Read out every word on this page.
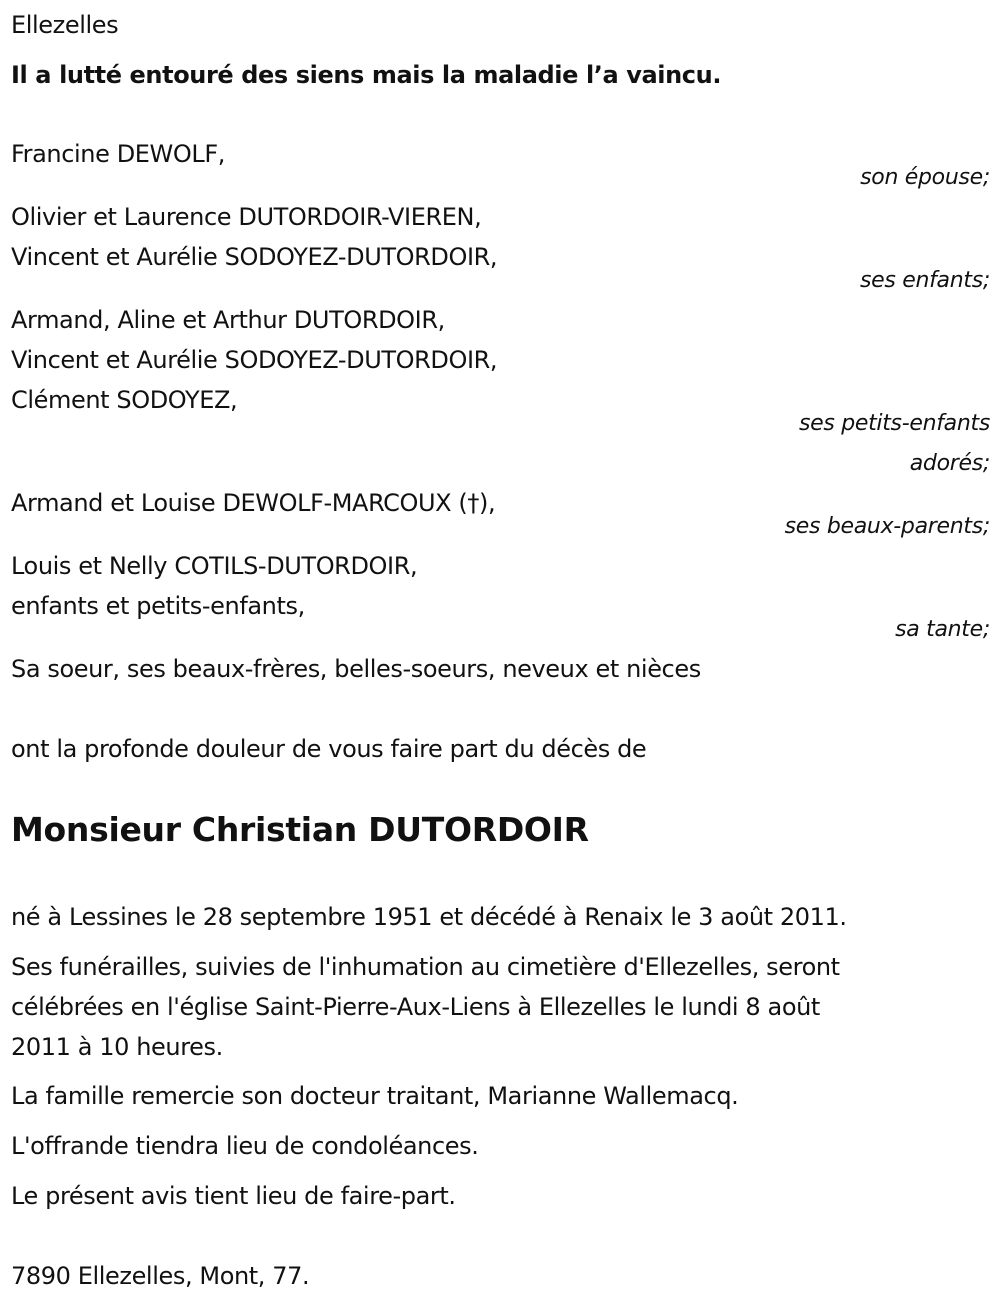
Ellezelles
Il a lutté entouré des siens mais la maladie l’a vaincu.
Francine DEWOLF,
son épouse;
Olivier et Laurence DUTORDOIR-VIEREN,
Vincent et Aurélie SODOYEZ-DUTORDOIR,
ses enfants;
Armand, Aline et Arthur DUTORDOIR,
Vincent et Aurélie SODOYEZ-DUTORDOIR,
Clément SODOYEZ,
ses petits-enfants
adorés;
Armand et Louise DEWOLF-MARCOUX (†),
ses beaux-parents;
Louis et Nelly COTILS-DUTORDOIR,
enfants et petits-enfants,
sa tante;
Sa soeur, ses beaux-frères, belles-soeurs, neveux et nièces
ont la profonde douleur de vous faire part du décès de
Monsieur Christian DUTORDOIR
né à Lessines le 28 septembre 1951 et décédé à Renaix le 3 août 2011.
Ses funérailles, suivies de l'inhumation au cimetière d'Ellezelles, seront
célébrées en l'église Saint-Pierre-Aux-Liens à Ellezelles le lundi 8 août
2011 à 10 heures.
La famille remercie son docteur traitant, Marianne Wallemacq.
L'offrande tiendra lieu de condoléances.
Le présent avis tient lieu de faire-part.
7890 Ellezelles, Mont, 77.
